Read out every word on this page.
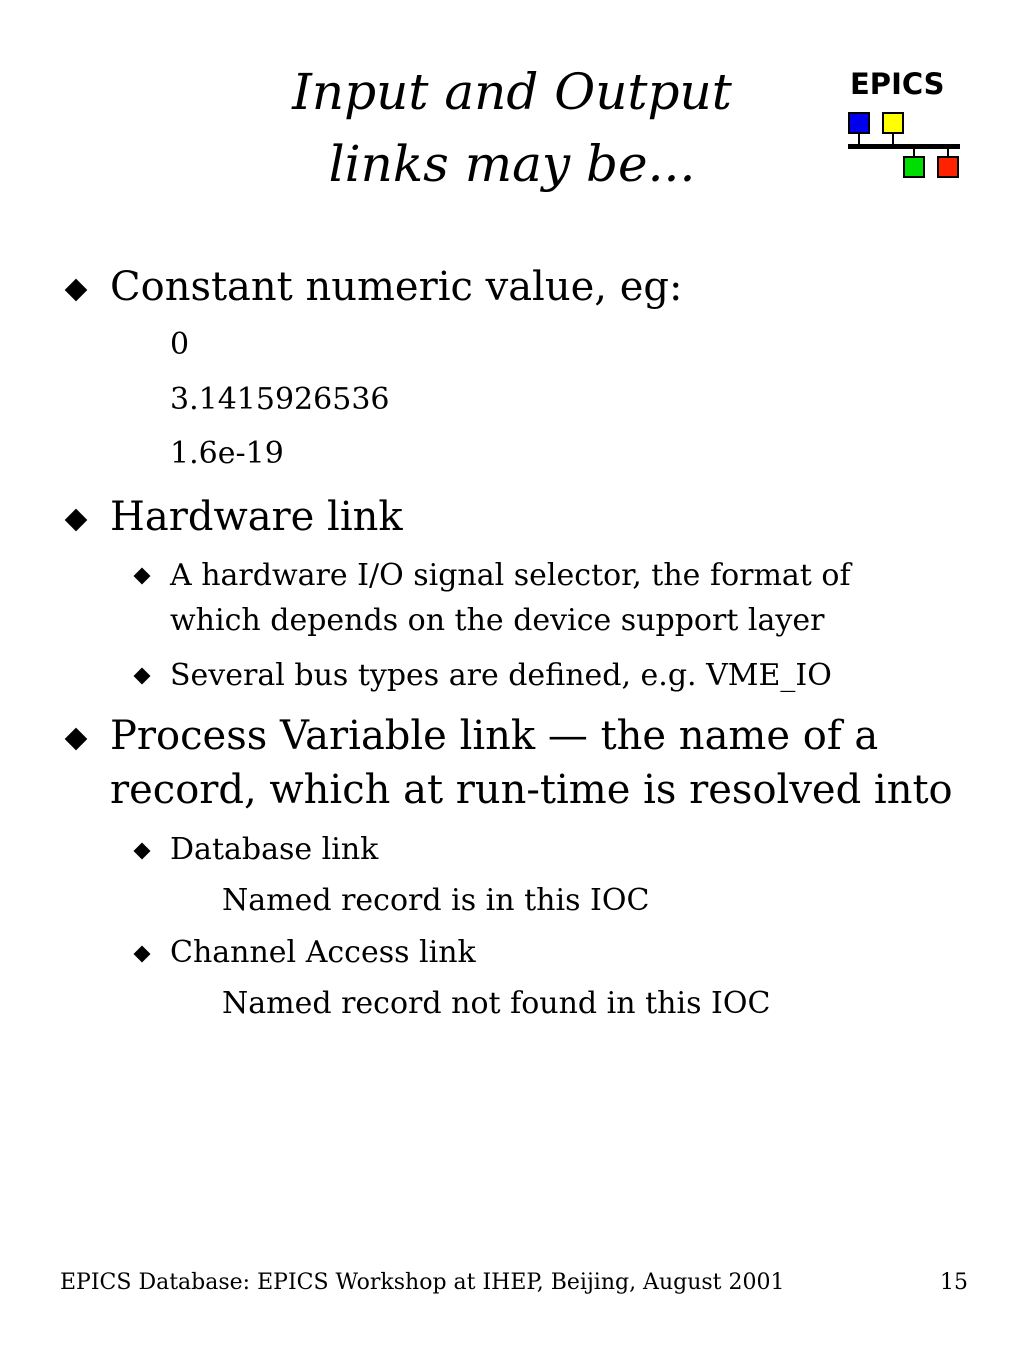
Input and Output
links may be...
EPICS
Constant numeric value, eg:
0
3.1415926536
1.6e-19
Hardware link
A hardware I/O signal selector, the format of
which depends on the device support layer
Several bus types are defined, e.g. VME_IO
Process Variable link — the name of a
record, which at run-time is resolved into
Database link
Named record is in this IOC
Channel Access link
Named record not found in this IOC
EPICS Database: EPICS Workshop at IHEP, Beijing, August 2001	15
